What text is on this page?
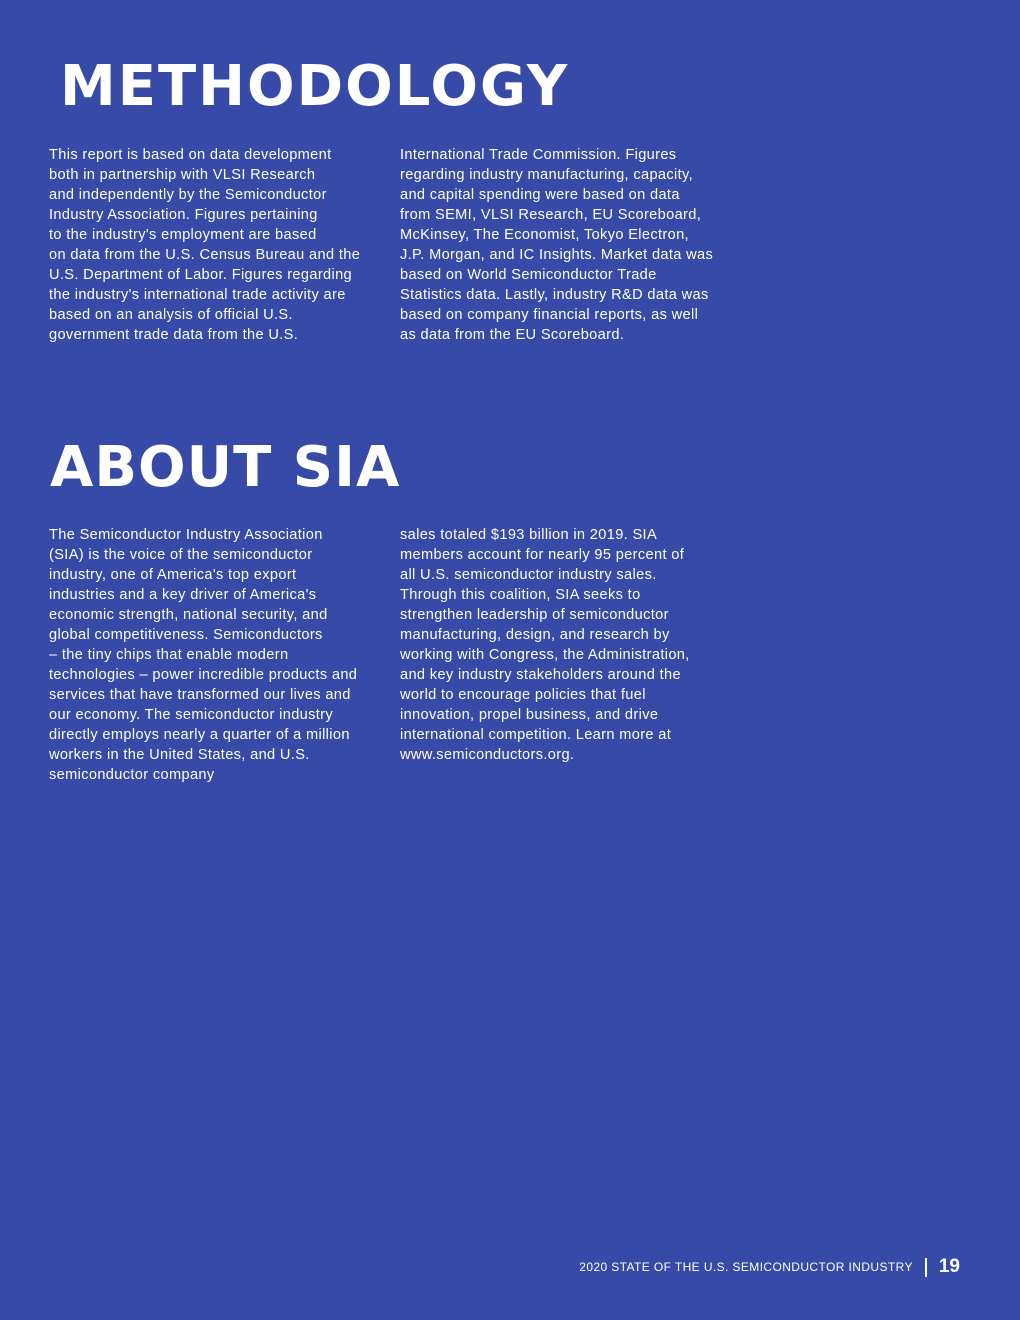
METHODOLOGY

This report is based on data development
both in partnership with VLSI Research
and independently by the Semiconductor
Industry Association. Figures pertaining
to the industry's employment are based
on data from the U.S. Census Bureau and the
U.S. Department of Labor. Figures regarding
the industry's international trade activity are
based on an analysis of official U.S.
government trade data from the U.S.

International Trade Commission. Figures
regarding industry manufacturing, capacity,
and capital spending were based on data
from SEMI, VLSI Research, EU Scoreboard,
McKinsey, The Economist, Tokyo Electron,
J.P. Morgan, and IC Insights. Market data was
based on World Semiconductor Trade
Statistics data. Lastly, industry R&D data was
based on company financial reports, as well
as data from the EU Scoreboard.

ABOUT SIA

The Semiconductor Industry Association
(SIA) is the voice of the semiconductor
industry, one of America's top export
industries and a key driver of America's
economic strength, national security, and
global competitiveness. Semiconductors
– the tiny chips that enable modern
technologies – power incredible products and
services that have transformed our lives and
our economy. The semiconductor industry
directly employs nearly a quarter of a million
workers in the United States, and U.S.
semiconductor company

sales totaled $193 billion in 2019. SIA
members account for nearly 95 percent of
all U.S. semiconductor industry sales.
Through this coalition, SIA seeks to
strengthen leadership of semiconductor
manufacturing, design, and research by
working with Congress, the Administration,
and key industry stakeholders around the
world to encourage policies that fuel
innovation, propel business, and drive
international competition. Learn more at
www.semiconductors.org.

2020 STATE OF THE U.S. SEMICONDUCTOR INDUSTRY 19
